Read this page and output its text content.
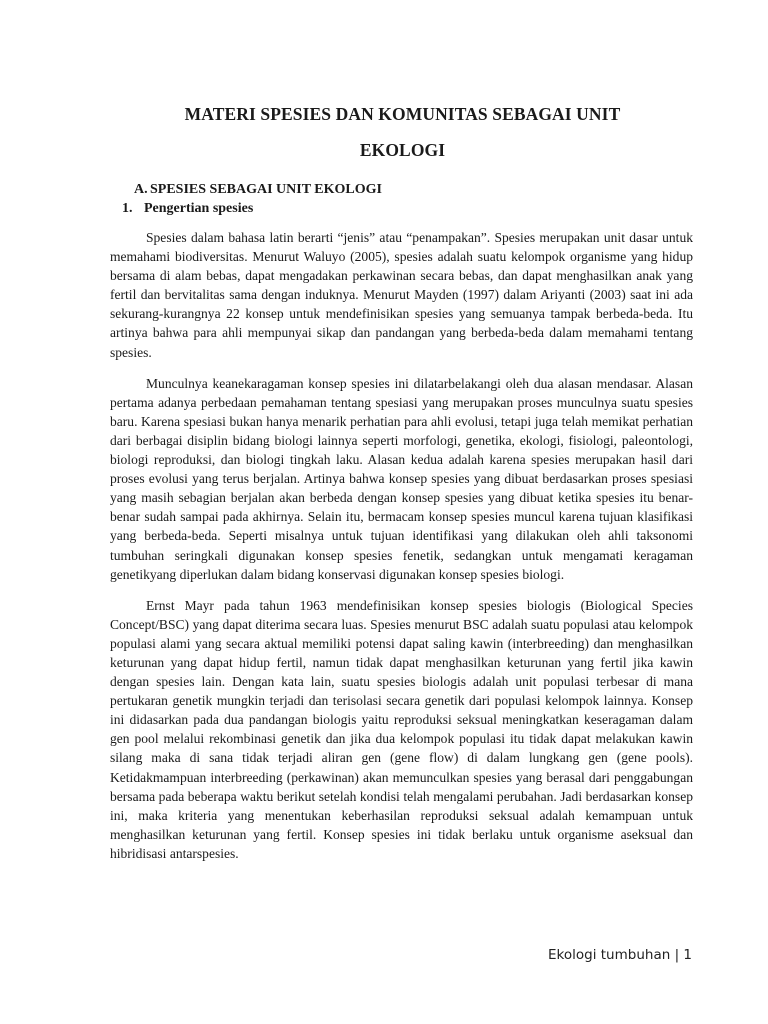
MATERI SPESIES DAN KOMUNITAS SEBAGAI UNIT
EKOLOGI
A. SPESIES SEBAGAI UNIT EKOLOGI
1. Pengertian spesies

Spesies dalam bahasa latin berarti “jenis” atau “penampakan”. Spesies merupakan unit dasar untuk memahami biodiversitas. Menurut Waluyo (2005), spesies adalah suatu kelompok organisme yang hidup bersama di alam bebas, dapat mengadakan perkawinan secara bebas, dan dapat menghasilkan anak yang fertil dan bervitalitas sama dengan induknya. Menurut Mayden (1997) dalam Ariyanti (2003) saat ini ada sekurang-kurangnya 22 konsep untuk mendefinisikan spesies yang semuanya tampak berbeda-beda. Itu artinya bahwa para ahli mempunyai sikap dan pandangan yang berbeda-beda dalam memahami tentang spesies.

Munculnya keanekaragaman konsep spesies ini dilatarbelakangi oleh dua alasan mendasar. Alasan pertama adanya perbedaan pemahaman tentang spesiasi yang merupakan proses munculnya suatu spesies baru. Karena spesiasi bukan hanya menarik perhatian para ahli evolusi, tetapi juga telah memikat perhatian dari berbagai disiplin bidang biologi lainnya seperti morfologi, genetika, ekologi, fisiologi, paleontologi, biologi reproduksi, dan biologi tingkah laku. Alasan kedua adalah karena spesies merupakan hasil dari proses evolusi yang terus berjalan. Artinya bahwa konsep spesies yang dibuat berdasarkan proses spesiasi yang masih sebagian berjalan akan berbeda dengan konsep spesies yang dibuat ketika spesies itu benar-benar sudah sampai pada akhirnya. Selain itu, bermacam konsep spesies muncul karena tujuan klasifikasi yang berbeda-beda. Seperti misalnya untuk tujuan identifikasi yang dilakukan oleh ahli taksonomi tumbuhan seringkali digunakan konsep spesies fenetik, sedangkan untuk mengamati keragaman genetikyang diperlukan dalam bidang konservasi digunakan konsep spesies biologi.

Ernst Mayr pada tahun 1963 mendefinisikan konsep spesies biologis (Biological Species Concept/BSC) yang dapat diterima secara luas. Spesies menurut BSC adalah suatu populasi atau kelompok populasi alami yang secara aktual memiliki potensi dapat saling kawin (interbreeding) dan menghasilkan keturunan yang dapat hidup fertil, namun tidak dapat menghasilkan keturunan yang fertil jika kawin dengan spesies lain. Dengan kata lain, suatu spesies biologis adalah unit populasi terbesar di mana pertukaran genetik mungkin terjadi dan terisolasi secara genetik dari populasi kelompok lainnya. Konsep ini didasarkan pada dua pandangan biologis yaitu reproduksi seksual meningkatkan keseragaman dalam gen pool melalui rekombinasi genetik dan jika dua kelompok populasi itu tidak dapat melakukan kawin silang maka di sana tidak terjadi aliran gen (gene flow) di dalam lungkang gen (gene pools). Ketidakmampuan interbreeding (perkawinan) akan memunculkan spesies yang berasal dari penggabungan bersama pada beberapa waktu berikut setelah kondisi telah mengalami perubahan. Jadi berdasarkan konsep ini, maka kriteria yang menentukan keberhasilan reproduksi seksual adalah kemampuan untuk menghasilkan keturunan yang fertil. Konsep spesies ini tidak berlaku untuk organisme aseksual dan hibridisasi antarspesies.

Ekologi tumbuhan | 1
